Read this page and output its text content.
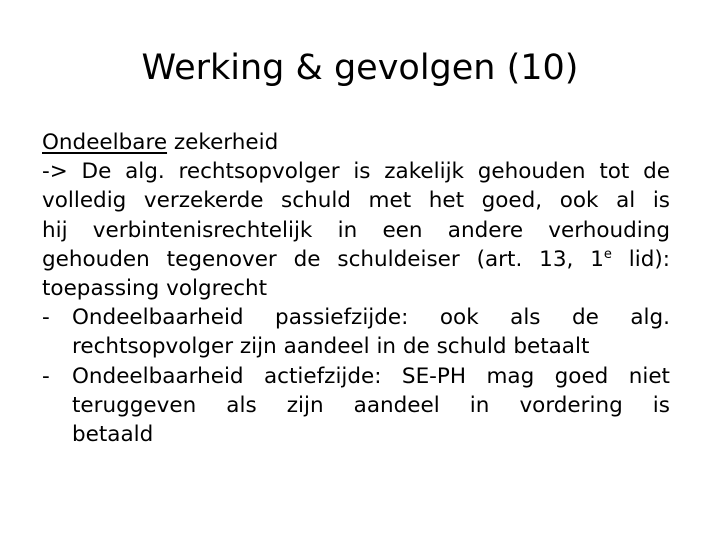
Werking & gevolgen (10)
Ondeelbare zekerheid
-> De alg. rechtsopvolger is zakelijk gehouden tot de
volledig verzekerde schuld met het goed, ook al is
hij verbintenisrechtelijk in een andere verhouding
gehouden tegenover de schuldeiser (art. 13, 1e lid):
toepassing volgrecht
- Ondeelbaarheid passiefzijde: ook als de alg.
rechtsopvolger zijn aandeel in de schuld betaalt
- Ondeelbaarheid actiefzijde: SE-PH mag goed niet
teruggeven als zijn aandeel in vordering is
betaald
